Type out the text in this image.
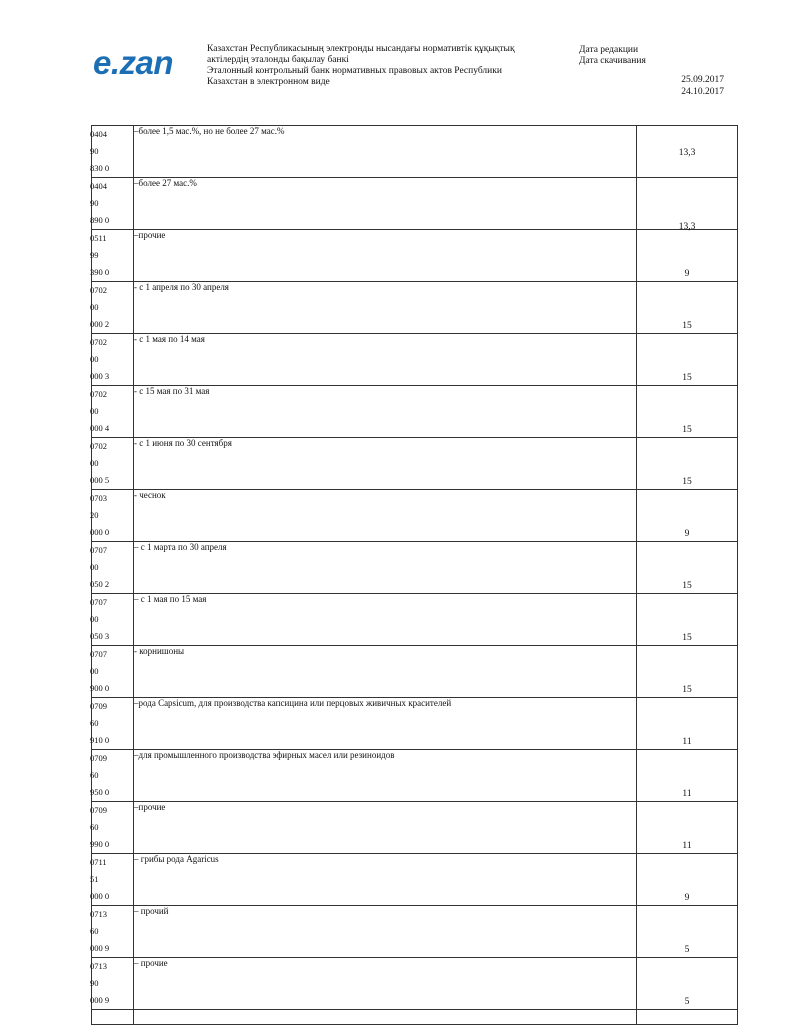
e.zan	Казахстан Республикасының электронды нысандағы нормативтік құқықтық
актілердің эталонды бақылау банкі
Эталонный контрольный банк нормативных правовых актов Республики
Казахстан в электронном виде
Дата редакции
Дата скачивания
25.09.2017
24.10.2017
0404
90
830 0	–более 1,5 мас.%, но не более 27 мас.%	13,3

0404
90
890 0	–более 27 мас.%	13,3

0511
99
390 0	–прочие	9

0702
00
000 2	- с 1 апреля по 30 апреля	15

0702
00
000 3	- с 1 мая по 14 мая	15

0702
00
000 4	- с 15 мая по 31 мая	15

0702
00
000 5	- с 1 июня по 30 сентября	15

0703
20
000 0	- чеснок	9

0707
00
050 2	– с 1 марта по 30 апреля	15

0707
00
050 3	– с 1 мая по 15 мая	15

0707
00
900 0	- корнишоны	15

0709
60
910 0	–рода Capsicum, для производства капсицина или перцовых живичных красителей	11

0709
60
950 0	–для промышленного производства эфирных масел или резиноидов	11

0709
60
990 0	–прочие	11

0711
51
000 0	– грибы рода Agaricus	9

0713
60
000 9	– прочий	5

0713
90
000 9	– прочие	5
